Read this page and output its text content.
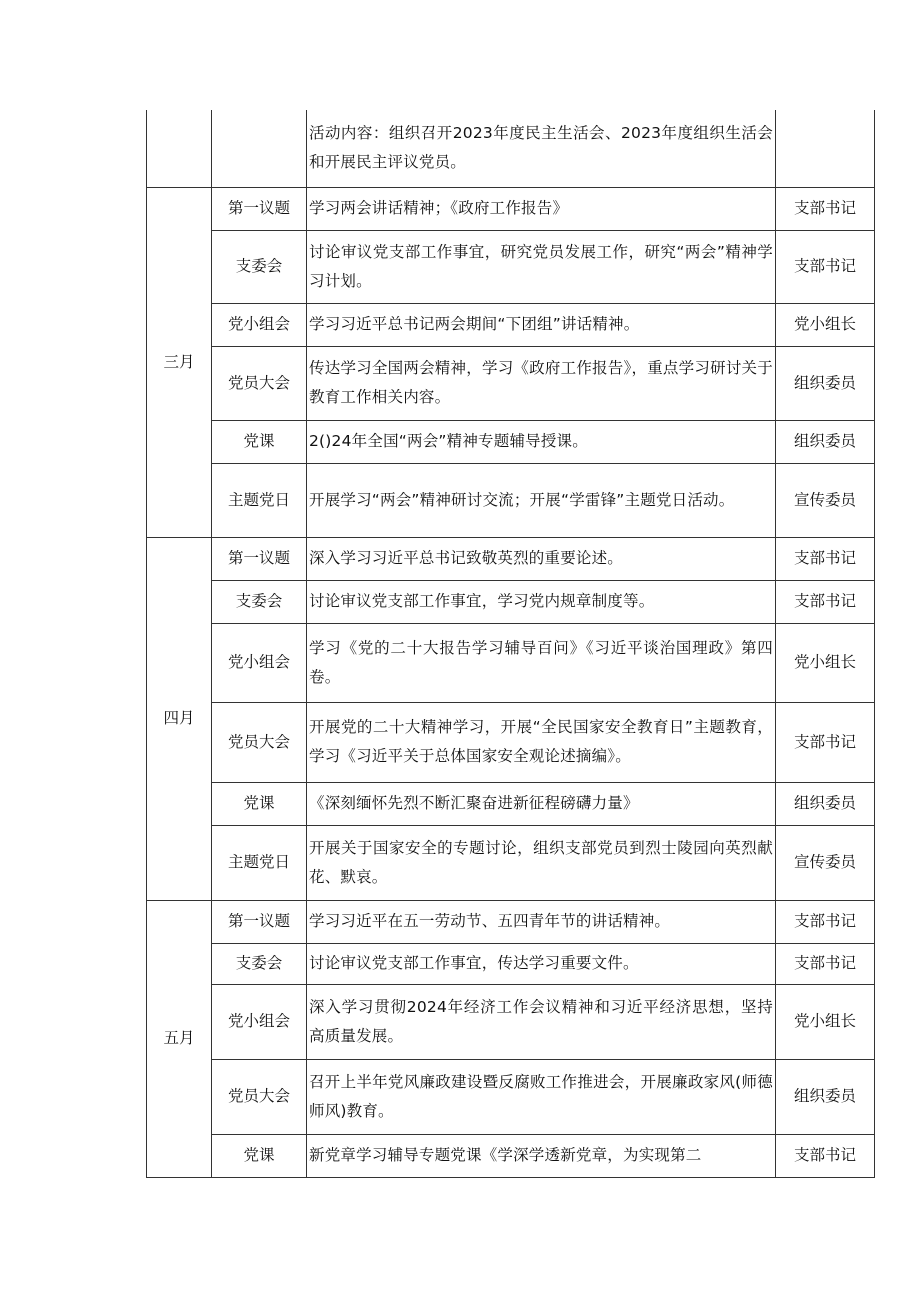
		活动内容：组织召开2023年度民主生活会、2023年度组织生活会和开展民主评议党员。	
三月	第一议题	学习两会讲话精神；《政府工作报告》	支部书记
	支委会	讨论审议党支部工作事宜，研究党员发展工作，研究“两会”精神学习计划。	支部书记
	党小组会	学习习近平总书记两会期间“下团组”讲话精神。	党小组长
	党员大会	传达学习全国两会精神，学习《政府工作报告》，重点学习研讨关于教育工作相关内容。	组织委员
	党课	2()24年全国“两会”精神专题辅导授课。	组织委员
	主题党日	开展学习“两会”精神研讨交流；开展“学雷锋”主题党日活动。	宣传委员
四月	第一议题	深入学习习近平总书记致敬英烈的重要论述。	支部书记
	支委会	讨论审议党支部工作事宜，学习党内规章制度等。	支部书记
	党小组会	学习《党的二十大报告学习辅导百问》《习近平谈治国理政》第四卷。	党小组长
	党员大会	开展党的二十大精神学习，开展“全民国家安全教育日”主题教育，学习《习近平关于总体国家安全观论述摘编》。	支部书记
	党课	《深刻缅怀先烈不断汇聚奋进新征程磅礴力量》	组织委员
	主题党日	开展关于国家安全的专题讨论，组织支部党员到烈士陵园向英烈献花、默哀。	宣传委员
五月	第一议题	学习习近平在五一劳动节、五四青年节的讲话精神。	支部书记
	支委会	讨论审议党支部工作事宜，传达学习重要文件。	支部书记
	党小组会	深入学习贯彻2024年经济工作会议精神和习近平经济思想，坚持高质量发展。	党小组长
	党员大会	召开上半年党风廉政建设暨反腐败工作推进会，开展廉政家风(师德师风)教育。	组织委员
	党课	新党章学习辅导专题党课《学深学透新党章，为实现第二	支部书记
